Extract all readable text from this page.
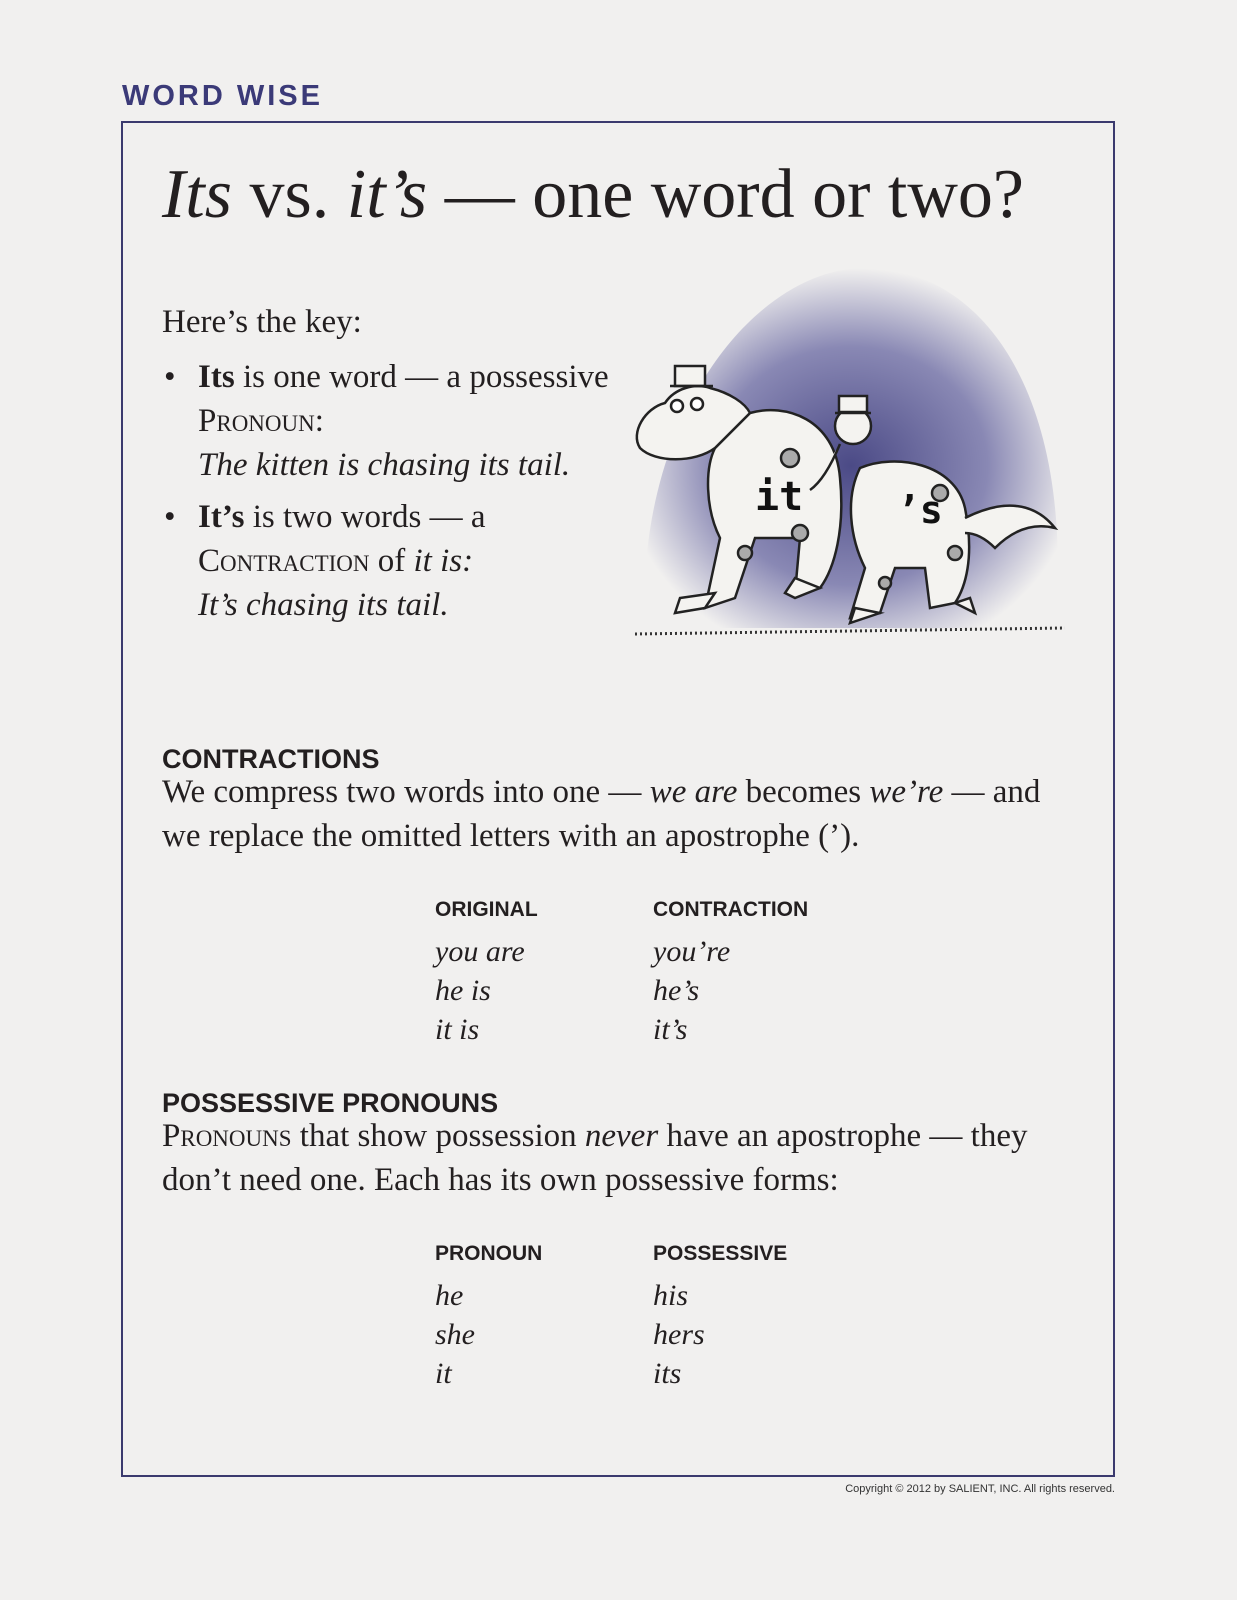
WORD WISE
Its vs. it’s — one word or two?
Here’s the key:
• Its is one word — a possessive Pronoun:
The kitten is chasing its tail.
• It’s is two words — a
Contraction of it is:
It’s chasing its tail.
it ’s
CONTRACTIONS
We compress two words into one — we are becomes we’re — and we replace the omitted letters with an apostrophe (’).
ORIGINAL	CONTRACTION
you are	you’re
he is	he’s
it is	it’s
POSSESSIVE PRONOUNS
Pronouns that show possession never have an apostrophe — they don’t need one. Each has its own possessive forms:
PRONOUN	POSSESSIVE
he	his
she	hers
it	its
Copyright © 2012 by SALIENT, INC. All rights reserved.
